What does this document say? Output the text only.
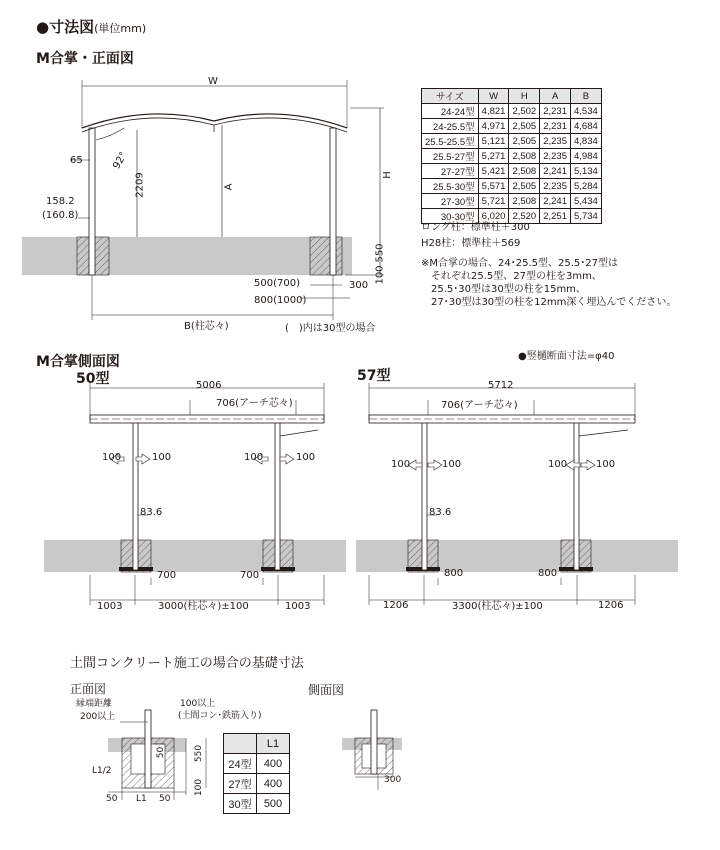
●寸法図(単位mm)
M合掌・正面図
W
H
A
92°
65
2209
158.2
(160.8)
100
550
500(700)	300
800(1000)
B(柱芯々)	(　)内は30型の場合
サイズ	W	H	A	B
24-24型	4,821	2,502	2,231	4,534
24-25.5型	4,971	2,505	2,231	4,684
25.5-25.5型	5,121	2,505	2,235	4,834
25.5-27型	5,271	2,508	2,235	4,984
27-27型	5,421	2,508	2,241	5,134
25.5-30型	5,571	2,505	2,235	5,284
27-30型	5,721	2,508	2,241	5,434
30-30型	6,020	2,520	2,251	5,734
ロング柱：標準柱＋300
H28柱：標準柱＋569
※M合掌の場合、24･25.5型、25.5･27型は
　それぞれ25.5型、27型の柱を3mm、
　25.5･30型は30型の柱を15mm、
　27･30型は30型の柱を12mm深く埋込んでください。
M合掌側面図	●竪樋断面寸法=φ40
50型	57型
5006
706(アーチ芯々)
100	100	100	100
83.6
700	700
1003	3000(柱芯々)±100	1003
5712
706(アーチ芯々)
100	100	100	100
83.6
800	800
1206	3300(柱芯々)±100	1206
土間コンクリート施工の場合の基礎寸法
正面図	側面図
縁端距離
200以上
100以上
(土間コン･鉄筋入り)
50	550
100
L1/2
50 L1 50
300
	L1
24型	400
27型	400
30型	500
